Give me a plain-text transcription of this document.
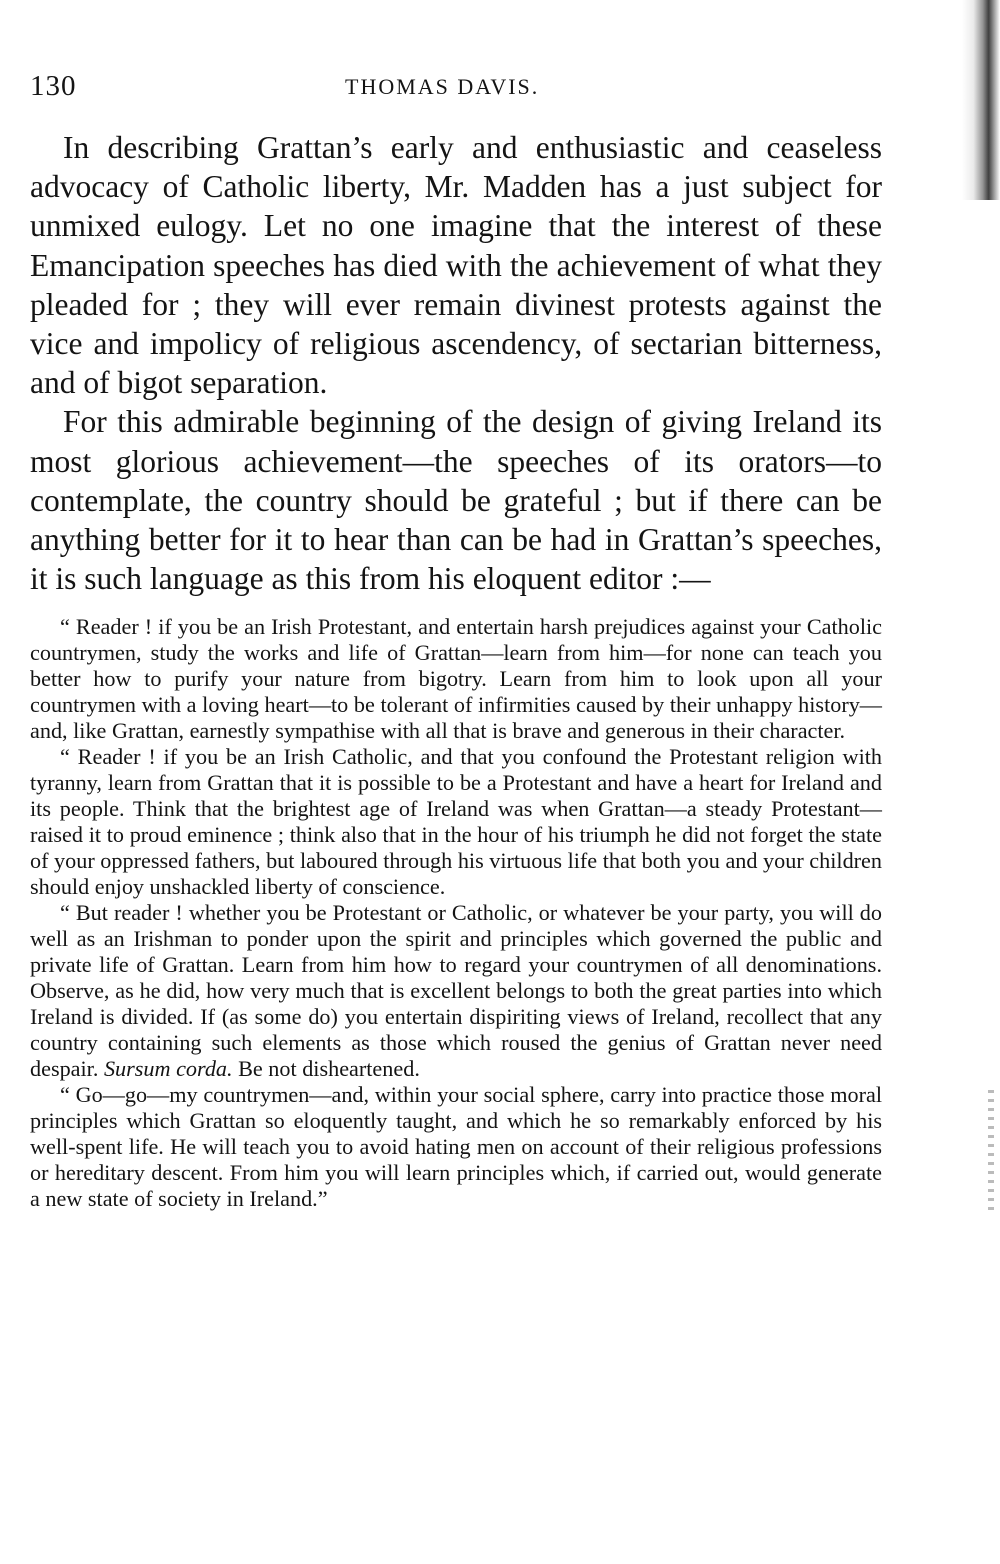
130	THOMAS DAVIS.

In describing Grattan’s early and enthusiastic and ceaseless advocacy of Catholic liberty, Mr. Madden has a just subject for unmixed eulogy. Let no one imagine that the interest of these Emancipation speeches has died with the achievement of what they pleaded for ; they will ever remain divinest protests against the vice and impolicy of religious ascendency, of sectarian bitterness, and of bigot separation.

For this admirable beginning of the design of giving Ireland its most glorious achievement—the speeches of its orators—to contemplate, the country should be grateful ; but if there can be anything better for it to hear than can be had in Grattan’s speeches, it is such language as this from his eloquent editor :—

“ Reader ! if you be an Irish Protestant, and entertain harsh prejudices against your Catholic countrymen, study the works and life of Grattan—learn from him—for none can teach you better how to purify your nature from bigotry. Learn from him to look upon all your countrymen with a loving heart—to be tolerant of infirmities caused by their unhappy history—and, like Grattan, earnestly sympathise with all that is brave and generous in their character.

“ Reader ! if you be an Irish Catholic, and that you confound the Protestant religion with tyranny, learn from Grattan that it is possible to be a Protestant and have a heart for Ireland and its people. Think that the brightest age of Ireland was when Grattan—a steady Protestant—raised it to proud eminence ; think also that in the hour of his triumph he did not forget the state of your oppressed fathers, but laboured through his virtuous life that both you and your children should enjoy unshackled liberty of conscience.

“ But reader ! whether you be Protestant or Catholic, or whatever be your party, you will do well as an Irishman to ponder upon the spirit and principles which governed the public and private life of Grattan. Learn from him how to regard your countrymen of all denominations. Observe, as he did, how very much that is excellent belongs to both the great parties into which Ireland is divided. If (as some do) you entertain dispiriting views of Ireland, recollect that any country containing such elements as those which roused the genius of Grattan never need despair. Sursum corda. Be not disheartened.

“ Go—go—my countrymen—and, within your social sphere, carry into practice those moral principles which Grattan so eloquently taught, and which he so remarkably enforced by his well-spent life. He will teach you to avoid hating men on account of their religious professions or hereditary descent. From him you will learn principles which, if carried out, would generate a new state of society in Ireland.”
